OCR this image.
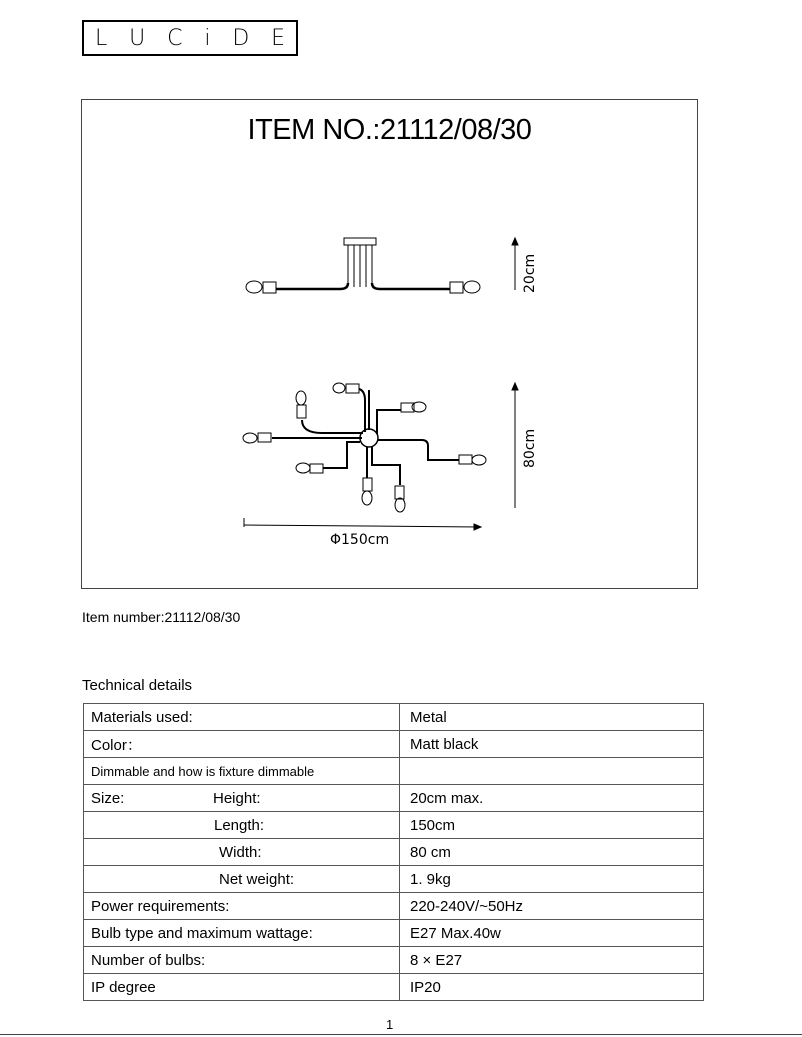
L U C i D E
ITEM NO.:21112/08/30
20cm
80cm
Φ150cm
Item number:21112/08/30
Technical details
Materials used:	Metal
Color：	Matt black
Dimmable and how is fixture dimmable	
Size: Height:	20cm max.
Length:	150cm
Width:	80 cm
Net weight:	1. 9kg
Power requirements:	220-240V/~50Hz
Bulb type and maximum wattage:	E27 Max.40w
Number of bulbs:	8 × E27
IP degree	IP20
1
